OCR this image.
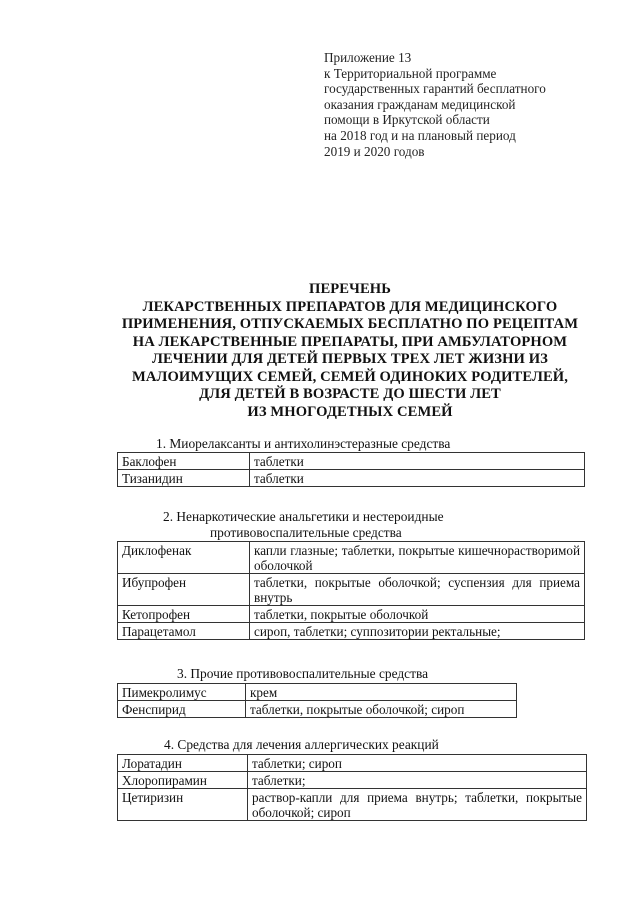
Приложение 13
к Территориальной программе
государственных гарантий бесплатного
оказания гражданам медицинской
помощи в Иркутской области
на 2018 год и на плановый период
2019 и 2020 годов
ПЕРЕЧЕНЬ
ЛЕКАРСТВЕННЫХ ПРЕПАРАТОВ ДЛЯ МЕДИЦИНСКОГО
ПРИМЕНЕНИЯ, ОТПУСКАЕМЫХ БЕСПЛАТНО ПО РЕЦЕПТАМ
НА ЛЕКАРСТВЕННЫЕ ПРЕПАРАТЫ, ПРИ АМБУЛАТОРНОМ
ЛЕЧЕНИИ ДЛЯ ДЕТЕЙ ПЕРВЫХ ТРЕХ ЛЕТ ЖИЗНИ ИЗ
МАЛОИМУЩИХ СЕМЕЙ, СЕМЕЙ ОДИНОКИХ РОДИТЕЛЕЙ,
ДЛЯ ДЕТЕЙ В ВОЗРАСТЕ ДО ШЕСТИ ЛЕТ
ИЗ МНОГОДЕТНЫХ СЕМЕЙ
1. Миорелаксанты и антихолинэстеразные средства
Баклофен	таблетки
Тизанидин	таблетки
2. Ненаркотические анальгетики и нестероидные
противовоспалительные средства
Диклофенак	капли глазные; таблетки, покрытые кишечнорастворимой оболочкой
Ибупрофен	таблетки, покрытые оболочкой; суспензия для приема внутрь
Кетопрофен	таблетки, покрытые оболочкой
Парацетамол	сироп, таблетки; суппозитории ректальные;
3. Прочие противовоспалительные средства
Пимекролимус	крем
Фенспирид	таблетки, покрытые оболочкой; сироп
4. Средства для лечения аллергических реакций
Лоратадин	таблетки; сироп
Хлоропирамин	таблетки;
Цетиризин	раствор-капли для приема внутрь; таблетки, покрытые оболочкой; сироп
